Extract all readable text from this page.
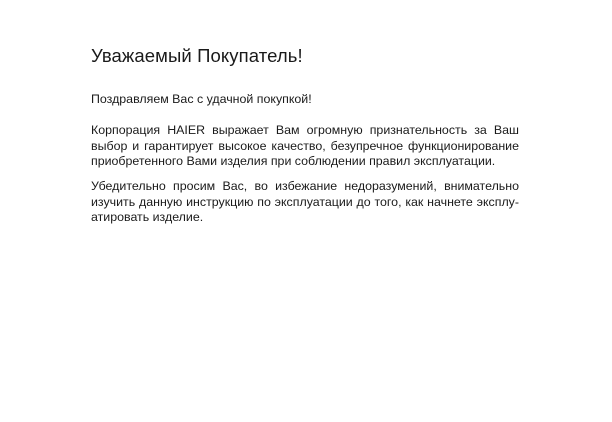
Уважаемый Покупатель!
Поздравляем Вас с удачной покупкой!
Корпорация HAIER выражает Вам огромную признательность за Ваш
выбор и гарантирует высокое качество, безупречное функционирование
приобретенного Вами изделия при соблюдении правил эксплуатации.
Убедительно просим Вас, во избежание недоразумений, внимательно
изучить данную инструкцию по эксплуатации до того, как начнете эксплу-
атировать изделие.
